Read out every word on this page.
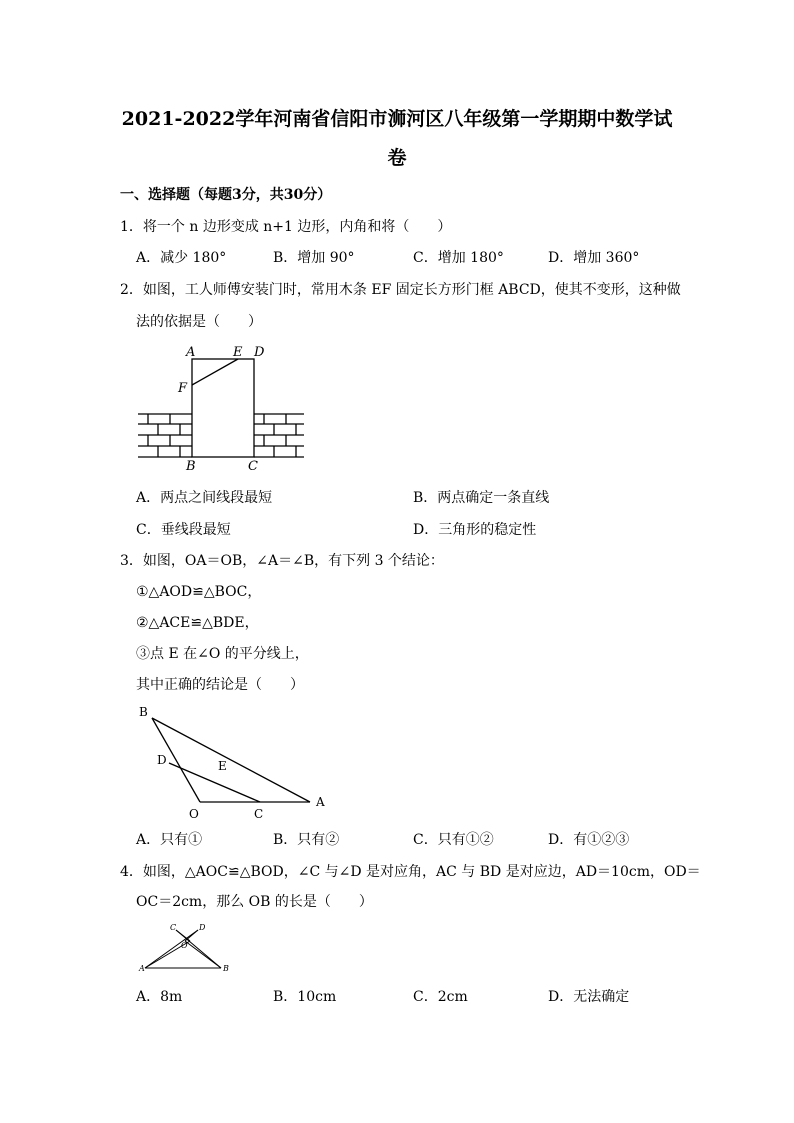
2021-2022学年河南省信阳市浉河区八年级第一学期期中数学试
卷
一、选择题（每题3分，共30分）
1．将一个 n 边形变成 n+1 边形，内角和将（　　）
A．减少 180°	B．增加 90°	C．增加 180°	D．增加 360°
2．如图，工人师傅安装门时，常用木条 EF 固定长方形门框 ABCD，使其不变形，这种做
法的依据是（　　）
A	E D
F
B	C
A．两点之间线段最短	B．两点确定一条直线
C．垂线段最短	D．三角形的稳定性
3．如图，OA＝OB，∠A＝∠B，有下列 3 个结论：
①△AOD≌△BOC，
②△ACE≌△BDE，
③点 E 在∠O 的平分线上，
其中正确的结论是（　　）
B
D	E
O	C
A
A．只有①	B．只有②	C．只有①②	D．有①②③
4．如图，△AOC≌△BOD，∠C 与∠D 是对应角，AC 与 BD 是对应边，AD＝10cm，OD＝
OC＝2cm，那么 OB 的长是（　　）
C	D
O
A	B
A．8m	B．10cm	C．2cm	D．无法确定
